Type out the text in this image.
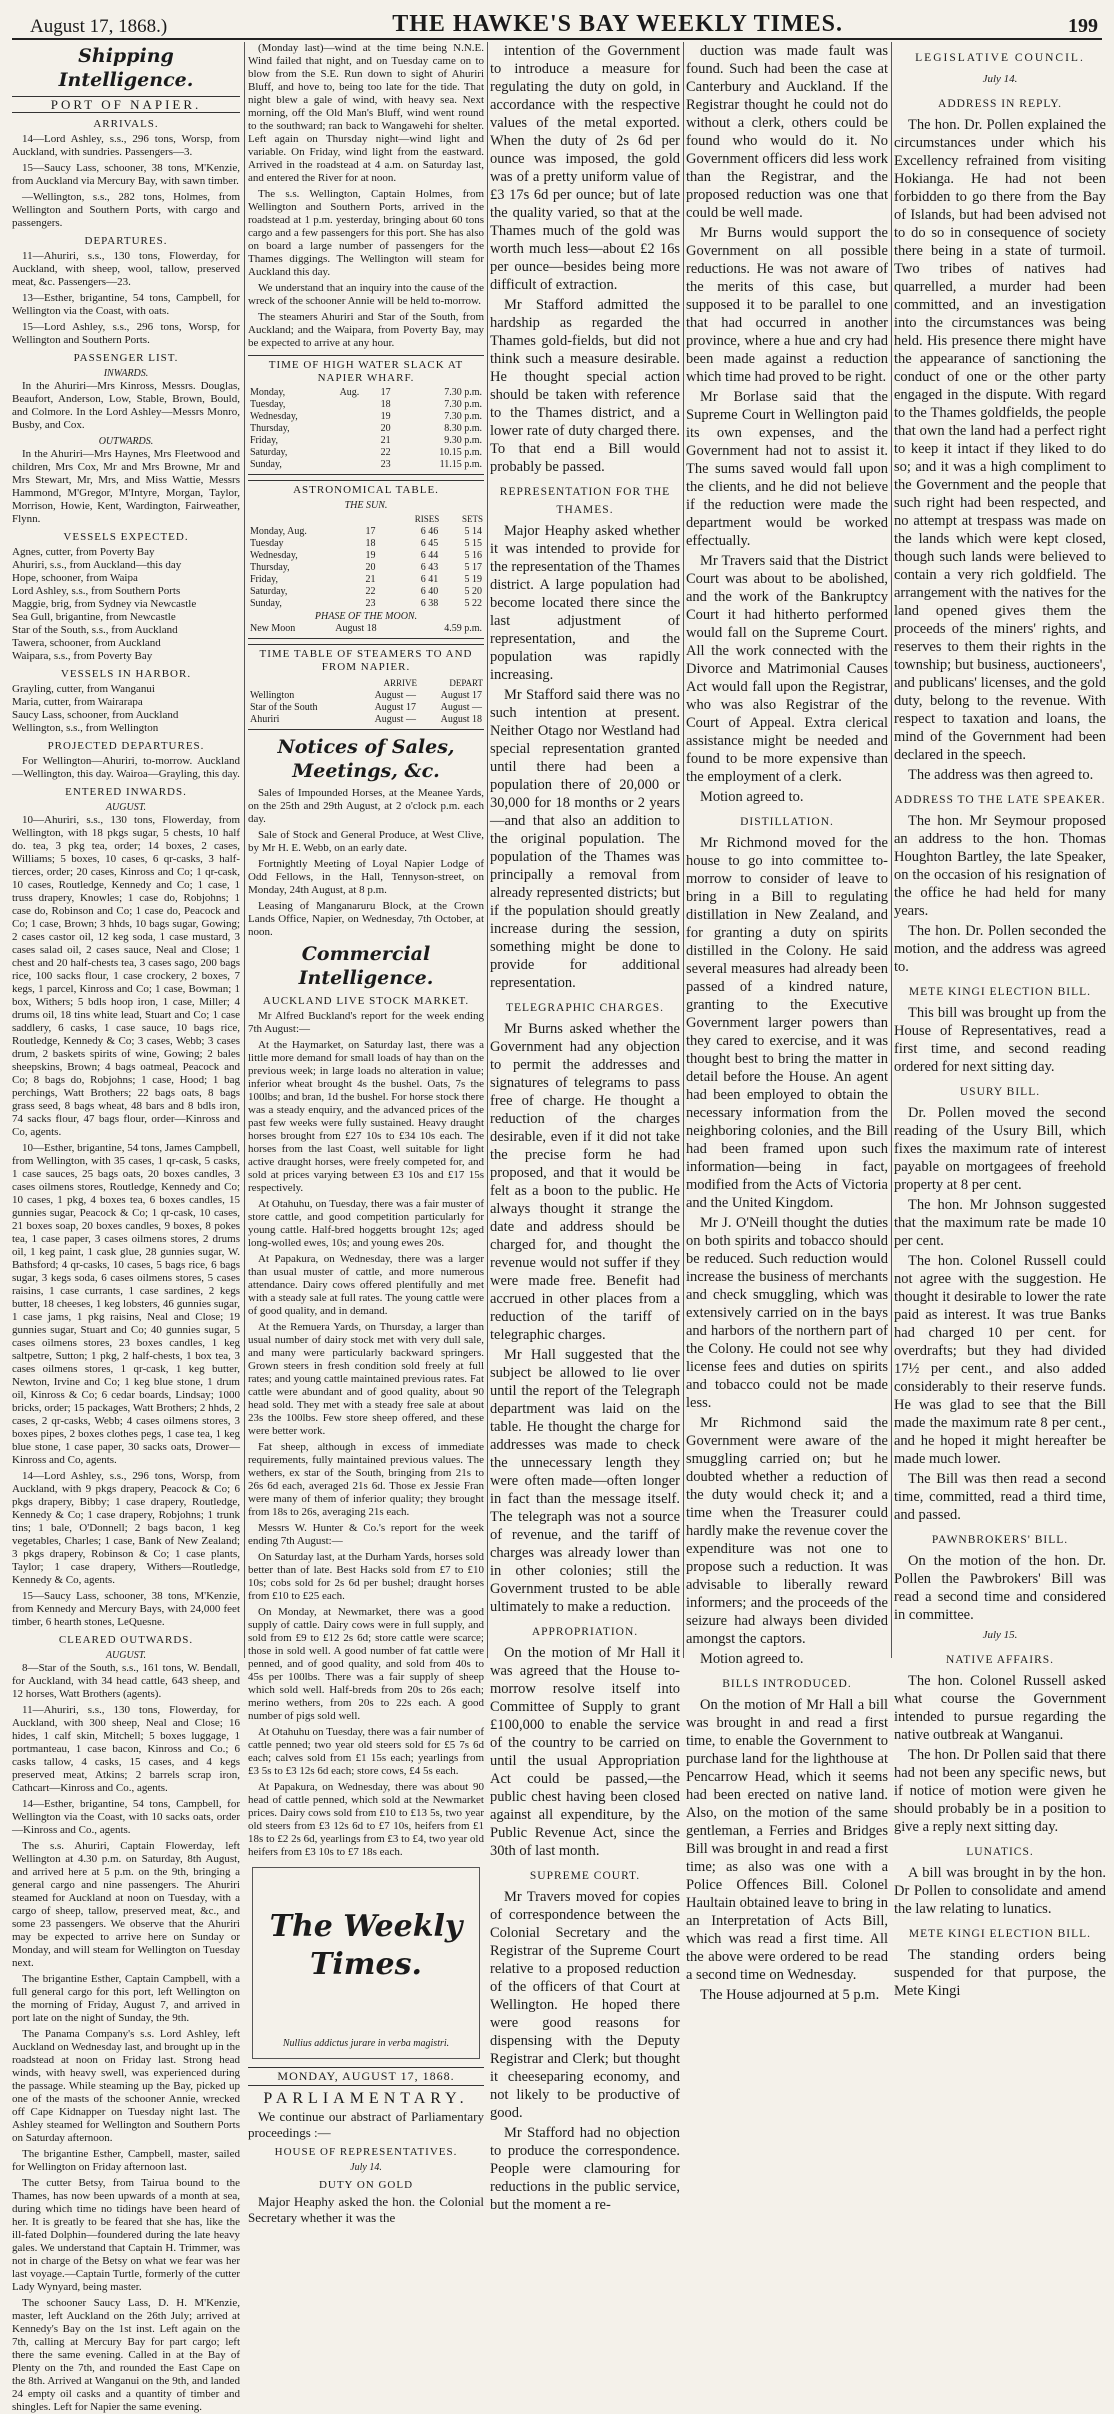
August 17, 1868.)	THE HAWKE'S BAY WEEKLY TIMES.	199
Shipping Intelligence.
PORT OF NAPIER.
ARRIVALS.

14—Lord Ashley, s.s., 296 tons, Worsp, from Auckland, with sundries. Passengers—3.

15—Saucy Lass, schooner, 38 tons, M'Kenzie, from Auckland via Mercury Bay, with sawn timber.

—Wellington, s.s., 282 tons, Holmes, from Wellington and Southern Ports, with cargo and passengers.

DEPARTURES.

11—Ahuriri, s.s., 130 tons, Flowerday, for Auckland, with sheep, wool, tallow, preserved meat, &c. Passengers—23.

13—Esther, brigantine, 54 tons, Campbell, for Wellington via the Coast, with oats.

15—Lord Ashley, s.s., 296 tons, Worsp, for Wellington and Southern Ports.

PASSENGER LIST.
INWARDS.

In the Ahuriri—Mrs Kinross, Messrs. Douglas, Beaufort, Anderson, Low, Stable, Brown, Bould, and Colmore. In the Lord Ashley—Messrs Monro, Busby, and Cox.

OUTWARDS.

In the Ahuriri—Mrs Haynes, Mrs Fleetwood and children, Mrs Cox, Mr and Mrs Browne, Mr and Mrs Stewart, Mr, Mrs, and Miss Wattie, Messrs Hammond, M'Gregor, M'Intyre, Morgan, Taylor, Morrison, Howie, Kent, Wardington, Fairweather, Flynn.

VESSELS EXPECTED.
Agnes, cutter, from Poverty Bay
Ahuriri, s.s., from Auckland—this day
Hope, schooner, from Waipa
Lord Ashley, s.s., from Southern Ports
Maggie, brig, from Sydney via Newcastle
Sea Gull, brigantine, from Newcastle
Star of the South, s.s., from Auckland
Tawera, schooner, from Auckland
Waipara, s.s., from Poverty Bay
VESSELS IN HARBOR.
Grayling, cutter, from Wanganui
Maria, cutter, from Wairarapa
Saucy Lass, schooner, from Auckland
Wellington, s.s., from Wellington
PROJECTED DEPARTURES.

For Wellington—Ahuriri, to-morrow. Auckland—Wellington, this day. Wairoa—Grayling, this day.

ENTERED INWARDS.
AUGUST.

10—Ahuriri, s.s., 130 tons, Flowerday, from Wellington, with 18 pkgs sugar, 5 chests, 10 half do. tea, 3 pkg tea, order; 14 boxes, 2 cases, Williams; 5 boxes, 10 cases, 6 qr-casks, 3 half-tierces, order; 20 cases, Kinross and Co; 1 qr-cask, 10 cases, Routledge, Kennedy and Co; 1 case, 1 truss drapery, Knowles; 1 case do, Robjohns; 1 case do, Robinson and Co; 1 case do, Peacock and Co; 1 case, Brown; 3 hhds, 10 bags sugar, Gowing; 2 cases castor oil, 12 keg soda, 1 case mustard, 3 cases salad oil, 2 cases sauce, Neal and Close; 1 chest and 20 half-chests tea, 3 cases sago, 200 bags rice, 100 sacks flour, 1 case crockery, 2 boxes, 7 kegs, 1 parcel, Kinross and Co; 1 case, Bowman; 1 box, Withers; 5 bdls hoop iron, 1 case, Miller; 4 drums oil, 18 tins white lead, Stuart and Co; 1 case saddlery, 6 casks, 1 case sauce, 10 bags rice, Routledge, Kennedy & Co; 3 cases, Webb; 3 cases drum, 2 baskets spirits of wine, Gowing; 2 bales sheepskins, Brown; 4 bags oatmeal, Peacock and Co; 8 bags do, Robjohns; 1 case, Hood; 1 bag perchings, Watt Brothers; 22 bags oats, 8 bags grass seed, 8 bags wheat, 48 bars and 8 bdls iron, 74 sacks flour, 47 bags flour, order—Kinross and Co, agents.

10—Esther, brigantine, 54 tons, James Campbell, from Wellington, with 35 cases, 1 qr-cask, 5 casks, 1 case sauces, 25 bags oats, 20 boxes candles, 3 cases oilmens stores, Routledge, Kennedy and Co; 10 cases, 1 pkg, 4 boxes tea, 6 boxes candles, 15 gunnies sugar, Peacock & Co; 1 qr-cask, 10 cases, 21 boxes soap, 20 boxes candles, 9 boxes, 8 pokes tea, 1 case paper, 3 cases oilmens stores, 2 drums oil, 1 keg paint, 1 cask glue, 28 gunnies sugar, W. Bathsford; 4 qr-casks, 10 cases, 5 bags rice, 6 bags sugar, 3 kegs soda, 6 cases oilmens stores, 5 cases raisins, 1 case currants, 1 case sardines, 2 kegs butter, 18 cheeses, 1 keg lobsters, 46 gunnies sugar, 1 case jams, 1 pkg raisins, Neal and Close; 19 gunnies sugar, Stuart and Co; 40 gunnies sugar, 5 cases oilmens stores, 23 boxes candles, 1 keg saltpetre, Sutton; 1 pkg, 2 half-chests, 1 box tea, 3 cases oilmens stores, 1 qr-cask, 1 keg butter, Newton, Irvine and Co; 1 keg blue stone, 1 drum oil, Kinross & Co; 6 cedar boards, Lindsay; 1000 bricks, order; 15 packages, Watt Brothers; 2 hhds, 2 cases, 2 qr-casks, Webb; 4 cases oilmens stores, 3 boxes pipes, 2 boxes clothes pegs, 1 case tea, 1 keg blue stone, 1 case paper, 30 sacks oats, Drower—Kinross and Co, agents.

14—Lord Ashley, s.s., 296 tons, Worsp, from Auckland, with 9 pkgs drapery, Peacock & Co; 6 pkgs drapery, Bibby; 1 case drapery, Routledge, Kennedy & Co; 1 case drapery, Robjohns; 1 trunk tins; 1 bale, O'Donnell; 2 bags bacon, 1 keg vegetables, Charles; 1 case, Bank of New Zealand; 3 pkgs drapery, Robinson & Co; 1 case plants, Taylor; 1 case drapery, Withers—Routledge, Kennedy & Co, agents.

15—Saucy Lass, schooner, 38 tons, M'Kenzie, from Kennedy and Mercury Bays, with 24,000 feet timber, 6 hearth stones, LeQuesne.

CLEARED OUTWARDS.
AUGUST.

8—Star of the South, s.s., 161 tons, W. Bendall, for Auckland, with 34 head cattle, 643 sheep, and 12 horses, Watt Brothers (agents).

11—Ahuriri, s.s., 130 tons, Flowerday, for Auckland, with 300 sheep, Neal and Close; 16 hides, 1 calf skin, Mitchell; 5 boxes luggage, 1 portmanteau, 1 case bacon, Kinross and Co.; 6 casks tallow, 4 casks, 15 cases, and 4 kegs preserved meat, Atkins; 2 barrels scrap iron, Cathcart—Kinross and Co., agents.

14—Esther, brigantine, 54 tons, Campbell, for Wellington via the Coast, with 10 sacks oats, order—Kinross and Co., agents.

The s.s. Ahuriri, Captain Flowerday, left Wellington at 4.30 p.m. on Saturday, 8th August, and arrived here at 5 p.m. on the 9th, bringing a general cargo and nine passengers. The Ahuriri steamed for Auckland at noon on Tuesday, with a cargo of sheep, tallow, preserved meat, &c., and some 23 passengers. We observe that the Ahuriri may be expected to arrive here on Sunday or Monday, and will steam for Wellington on Tuesday next.

The brigantine Esther, Captain Campbell, with a full general cargo for this port, left Wellington on the morning of Friday, August 7, and arrived in port late on the night of Sunday, the 9th.

The Panama Company's s.s. Lord Ashley, left Auckland on Wednesday last, and brought up in the roadstead at noon on Friday last. Strong head winds, with heavy swell, was experienced during the passage. While steaming up the Bay, picked up one of the masts of the schooner Annie, wrecked off Cape Kidnapper on Tuesday night last. The Ashley steamed for Wellington and Southern Ports on Saturday afternoon.

The brigantine Esther, Campbell, master, sailed for Wellington on Friday afternoon last.

The cutter Betsy, from Tairua bound to the Thames, has now been upwards of a month at sea, during which time no tidings have been heard of her. It is greatly to be feared that she has, like the ill-fated Dolphin—foundered during the late heavy gales. We understand that Captain H. Trimmer, was not in charge of the Betsy on what we fear was her last voyage.—Captain Turtle, formerly of the cutter Lady Wynyard, being master.

The schooner Saucy Lass, D. H. M'Kenzie, master, left Auckland on the 26th July; arrived at Kennedy's Bay on the 1st inst. Left again on the 7th, calling at Mercury Bay for part cargo; left there the same evening. Called in at the Bay of Plenty on the 7th, and rounded the East Cape on the 8th. Arrived at Wanganui on the 9th, and landed 24 empty oil casks and a quantity of timber and shingles. Left for Napier the same evening.

(Monday last)—wind at the time being N.N.E. Wind failed that night, and on Tuesday came on to blow from the S.E. Run down to sight of Ahuriri Bluff, and hove to, being too late for the tide. That night blew a gale of wind, with heavy sea. Next morning, off the Old Man's Bluff, wind went round to the southward; ran back to Wangawehi for shelter. Left again on Thursday night—wind light and variable. On Friday, wind light from the eastward. Arrived in the roadstead at 4 a.m. on Saturday last, and entered the River for at noon.

The s.s. Wellington, Captain Holmes, from Wellington and Southern Ports, arrived in the roadstead at 1 p.m. yesterday, bringing about 60 tons cargo and a few passengers for this port. She has also on board a large number of passengers for the Thames diggings. The Wellington will steam for Auckland this day.

We understand that an inquiry into the cause of the wreck of the schooner Annie will be held to-morrow.

The steamers Ahuriri and Star of the South, from Auckland; and the Waipara, from Poverty Bay, may be expected to arrive at any hour.

TIME OF HIGH WATER SLACK AT NAPIER WHARF.
Monday,	Aug.	17	7.30 p.m.
Tuesday,		18	7.30 p.m.
Wednesday,		19	7.30 p.m.
Thursday,		20	8.30 p.m.
Friday,		21	9.30 p.m.
Saturday,		22	10.15 p.m.
Sunday,		23	11.15 p.m.
ASTRONOMICAL TABLE.
THE SUN.
		RISES	SETS
Monday, Aug.	17	6 46	5 14
Tuesday	18	6 45	5 15
Wednesday,	19	6 44	5 16
Thursday,	20	6 43	5 17
Friday,	21	6 41	5 19
Saturday,	22	6 40	5 20
Sunday,	23	6 38	5 22
PHASE OF THE MOON.
New Moon	August 18	4.59 p.m.
TIME TABLE OF STEAMERS TO AND FROM NAPIER.
	ARRIVE	DEPART
Wellington	August —	August 17
Star of the South	August 17	August —
Ahuriri	August —	August 18
Notices of Sales, Meetings, &c.

Sales of Impounded Horses, at the Meanee Yards, on the 25th and 29th August, at 2 o'clock p.m. each day.

Sale of Stock and General Produce, at West Clive, by Mr H. E. Webb, on an early date.

Fortnightly Meeting of Loyal Napier Lodge of Odd Fellows, in the Hall, Tennyson-street, on Monday, 24th August, at 8 p.m.

Leasing of Manganaruru Block, at the Crown Lands Office, Napier, on Wednesday, 7th October, at noon.

Commercial Intelligence.
AUCKLAND LIVE STOCK MARKET.

Mr Alfred Buckland's report for the week ending 7th August:—

At the Haymarket, on Saturday last, there was a little more demand for small loads of hay than on the previous week; in large loads no alteration in value; inferior wheat brought 4s the bushel. Oats, 7s the 100lbs; and bran, 1d the bushel. For horse stock there was a steady enquiry, and the advanced prices of the past few weeks were fully sustained. Heavy draught horses brought from £27 10s to £34 10s each. The horses from the last Coast, well suitable for light active draught horses, were freely competed for, and sold at prices varying between £3 10s and £17 15s respectively.

At Otahuhu, on Tuesday, there was a fair muster of store cattle, and good competition particularly for young cattle. Half-bred hoggetts brought 12s; aged long-wolled ewes, 10s; and young ewes 20s.

At Papakura, on Wednesday, there was a larger than usual muster of cattle, and more numerous attendance. Dairy cows offered plentifully and met with a steady sale at full rates. The young cattle were of good quality, and in demand.

At the Remuera Yards, on Thursday, a larger than usual number of dairy stock met with very dull sale, and many were particularly backward springers. Grown steers in fresh condition sold freely at full rates; and young cattle maintained previous rates. Fat cattle were abundant and of good quality, about 90 head sold. They met with a steady free sale at about 23s the 100lbs. Few store sheep offered, and these were better work.

Fat sheep, although in excess of immediate requirements, fully maintained previous values. The wethers, ex star of the South, bringing from 21s to 26s 6d each, averaged 21s 6d. Those ex Jessie Fran were many of them of inferior quality; they brought from 18s to 26s, averaging 21s each.

Messrs W. Hunter & Co.'s report for the week ending 7th August:—

On Saturday last, at the Durham Yards, horses sold better than of late. Best Hacks sold from £7 to £10 10s; cobs sold for 2s 6d per bushel; draught horses from £10 to £25 each.

On Monday, at Newmarket, there was a good supply of cattle. Dairy cows were in full supply, and sold from £9 to £12 2s 6d; store cattle were scarce; those in sold well. A good number of fat cattle were penned, and of good quality, and sold from 40s to 45s per 100lbs. There was a fair supply of sheep which sold well. Half-breds from 20s to 26s each; merino wethers, from 20s to 22s each. A good number of pigs sold well.

At Otahuhu on Tuesday, there was a fair number of cattle penned; two year old steers sold for £5 7s 6d each; calves sold from £1 15s each; yearlings from £3 5s to £3 12s 6d each; store cows, £4 5s each.

At Papakura, on Wednesday, there was about 90 head of cattle penned, which sold at the Newmarket prices. Dairy cows sold from £10 to £13 5s, two year old steers from £3 12s 6d to £7 10s, heifers from £1 18s to £2 2s 6d, yearlings from £3 to £4, two year old heifers from £3 10s to £7 18s each.

The Weekly Times.
Nullius addictus jurare in verba magistri.
MONDAY, AUGUST 17, 1868.
PARLIAMENTARY.

We continue our abstract of Parliamentary proceedings :—

HOUSE OF REPRESENTATIVES.
July 14.
DUTY ON GOLD

Major Heaphy asked the hon. the Colonial Secretary whether it was the

intention of the Government to introduce a measure for regulating the duty on gold, in accordance with the respective values of the metal exported. When the duty of 2s 6d per ounce was imposed, the gold was of a pretty uniform value of £3 17s 6d per ounce; but of late the quality varied, so that at the Thames much of the gold was worth much less—about £2 16s per ounce—besides being more difficult of extraction.

Mr Stafford admitted the hardship as regarded the Thames gold-fields, but did not think such a measure desirable. He thought special action should be taken with reference to the Thames district, and a lower rate of duty charged there. To that end a Bill would probably be passed.

REPRESENTATION FOR THE THAMES.

Major Heaphy asked whether it was intended to provide for the representation of the Thames district. A large population had become located there since the last adjustment of representation, and the population was rapidly increasing.

Mr Stafford said there was no such intention at present. Neither Otago nor Westland had special representation granted until there had been a population there of 20,000 or 30,000 for 18 months or 2 years—and that also an addition to the original population. The population of the Thames was principally a removal from already represented districts; but if the population should greatly increase during the session, something might be done to provide for additional representation.

TELEGRAPHIC CHARGES.

Mr Burns asked whether the Government had any objection to permit the addresses and signatures of telegrams to pass free of charge. He thought a reduction of the charges desirable, even if it did not take the precise form he had proposed, and that it would be felt as a boon to the public. He always thought it strange the date and address should be charged for, and thought the revenue would not suffer if they were made free. Benefit had accrued in other places from a reduction of the tariff of telegraphic charges.

Mr Hall suggested that the subject be allowed to lie over until the report of the Telegraph department was laid on the table. He thought the charge for addresses was made to check the unnecessary length they were often made—often longer in fact than the message itself. The telegraph was not a source of revenue, and the tariff of charges was already lower than in other colonies; still the Government trusted to be able ultimately to make a reduction.

APPROPRIATION.

On the motion of Mr Hall it was agreed that the House to-morrow resolve itself into Committee of Supply to grant £100,000 to enable the service of the country to be carried on until the usual Appropriation Act could be passed,—the public chest having been closed against all expenditure, by the Public Revenue Act, since the 30th of last month.

SUPREME COURT.

Mr Travers moved for copies of correspondence between the Colonial Secretary and the Registrar of the Supreme Court relative to a proposed reduction of the officers of that Court at Wellington. He hoped there were good reasons for dispensing with the Deputy Registrar and Clerk; but thought it cheeseparing economy, and not likely to be productive of good.

Mr Stafford had no objection to produce the correspondence. People were clamouring for reductions in the public service, but the moment a re-

duction was made fault was found. Such had been the case at Canterbury and Auckland. If the Registrar thought he could not do without a clerk, others could be found who would do it. No Government officers did less work than the Registrar, and the proposed reduction was one that could be well made.

Mr Burns would support the Government on all possible reductions. He was not aware of the merits of this case, but supposed it to be parallel to one that had occurred in another province, where a hue and cry had been made against a reduction which time had proved to be right.

Mr Borlase said that the Supreme Court in Wellington paid its own expenses, and the Government had not to assist it. The sums saved would fall upon the clients, and he did not believe if the reduction were made the department would be worked effectually.

Mr Travers said that the District Court was about to be abolished, and the work of the Bankruptcy Court it had hitherto performed would fall on the Supreme Court. All the work connected with the Divorce and Matrimonial Causes Act would fall upon the Registrar, who was also Registrar of the Court of Appeal. Extra clerical assistance might be needed and found to be more expensive than the employment of a clerk.

Motion agreed to.

DISTILLATION.

Mr Richmond moved for the house to go into committee to-morrow to consider of leave to bring in a Bill to regulating distillation in New Zealand, and for granting a duty on spirits distilled in the Colony. He said several measures had already been passed of a kindred nature, granting to the Executive Government larger powers than they cared to exercise, and it was thought best to bring the matter in detail before the House. An agent had been employed to obtain the necessary information from the neighboring colonies, and the Bill had been framed upon such information—being in fact, modified from the Acts of Victoria and the United Kingdom.

Mr J. O'Neill thought the duties on both spirits and tobacco should be reduced. Such reduction would increase the business of merchants and check smuggling, which was extensively carried on in the bays and harbors of the northern part of the Colony. He could not see why license fees and duties on spirits and tobacco could not be made less.

Mr Richmond said the Government were aware of the smuggling carried on; but he doubted whether a reduction of the duty would check it; and a time when the Treasurer could hardly make the revenue cover the expenditure was not one to propose such a reduction. It was advisable to liberally reward informers; and the proceeds of the seizure had always been divided amongst the captors.

Motion agreed to.

BILLS INTRODUCED.

On the motion of Mr Hall a bill was brought in and read a first time, to enable the Government to purchase land for the lighthouse at Pencarrow Head, which it seems had been erected on native land. Also, on the motion of the same gentleman, a Ferries and Bridges Bill was brought in and read a first time; as also was one with a Police Offences Bill. Colonel Haultain obtained leave to bring in an Interpretation of Acts Bill, which was read a first time. All the above were ordered to be read a second time on Wednesday.

The House adjourned at 5 p.m.

LEGISLATIVE COUNCIL.
July 14.
ADDRESS IN REPLY.

The hon. Dr. Pollen explained the circumstances under which his Excellency refrained from visiting Hokianga. He had not been forbidden to go there from the Bay of Islands, but had been advised not to do so in consequence of society there being in a state of turmoil. Two tribes of natives had quarrelled, a murder had been committed, and an investigation into the circumstances was being held. His presence there might have the appearance of sanctioning the conduct of one or the other party engaged in the dispute. With regard to the Thames goldfields, the people that own the land had a perfect right to keep it intact if they liked to do so; and it was a high compliment to the Government and the people that such right had been respected, and no attempt at trespass was made on the lands which were kept closed, though such lands were believed to contain a very rich goldfield. The arrangement with the natives for the land opened gives them the proceeds of the miners' rights, and reserves to them their rights in the township; but business, auctioneers', and publicans' licenses, and the gold duty, belong to the revenue. With respect to taxation and loans, the mind of the Government had been declared in the speech.

The address was then agreed to.

ADDRESS TO THE LATE SPEAKER.

The hon. Mr Seymour proposed an address to the hon. Thomas Houghton Bartley, the late Speaker, on the occasion of his resignation of the office he had held for many years.

The hon. Dr. Pollen seconded the motion, and the address was agreed to.

METE KINGI ELECTION BILL.

This bill was brought up from the House of Representatives, read a first time, and second reading ordered for next sitting day.

USURY BILL.

Dr. Pollen moved the second reading of the Usury Bill, which fixes the maximum rate of interest payable on mortgagees of freehold property at 8 per cent.

The hon. Mr Johnson suggested that the maximum rate be made 10 per cent.

The hon. Colonel Russell could not agree with the suggestion. He thought it desirable to lower the rate paid as interest. It was true Banks had charged 10 per cent. for overdrafts; but they had divided 17½ per cent., and also added considerably to their reserve funds. He was glad to see that the Bill made the maximum rate 8 per cent., and he hoped it might hereafter be made much lower.

The Bill was then read a second time, committed, read a third time, and passed.

PAWNBROKERS' BILL.

On the motion of the hon. Dr. Pollen the Pawbrokers' Bill was read a second time and considered in committee.

July 15.
NATIVE AFFAIRS.

The hon. Colonel Russell asked what course the Government intended to pursue regarding the native outbreak at Wanganui.

The hon. Dr Pollen said that there had not been any specific news, but if notice of motion were given he should probably be in a position to give a reply next sitting day.

LUNATICS.

A bill was brought in by the hon. Dr Pollen to consolidate and amend the law relating to lunatics.

METE KINGI ELECTION BILL.

The standing orders being suspended for that purpose, the Mete Kingi
